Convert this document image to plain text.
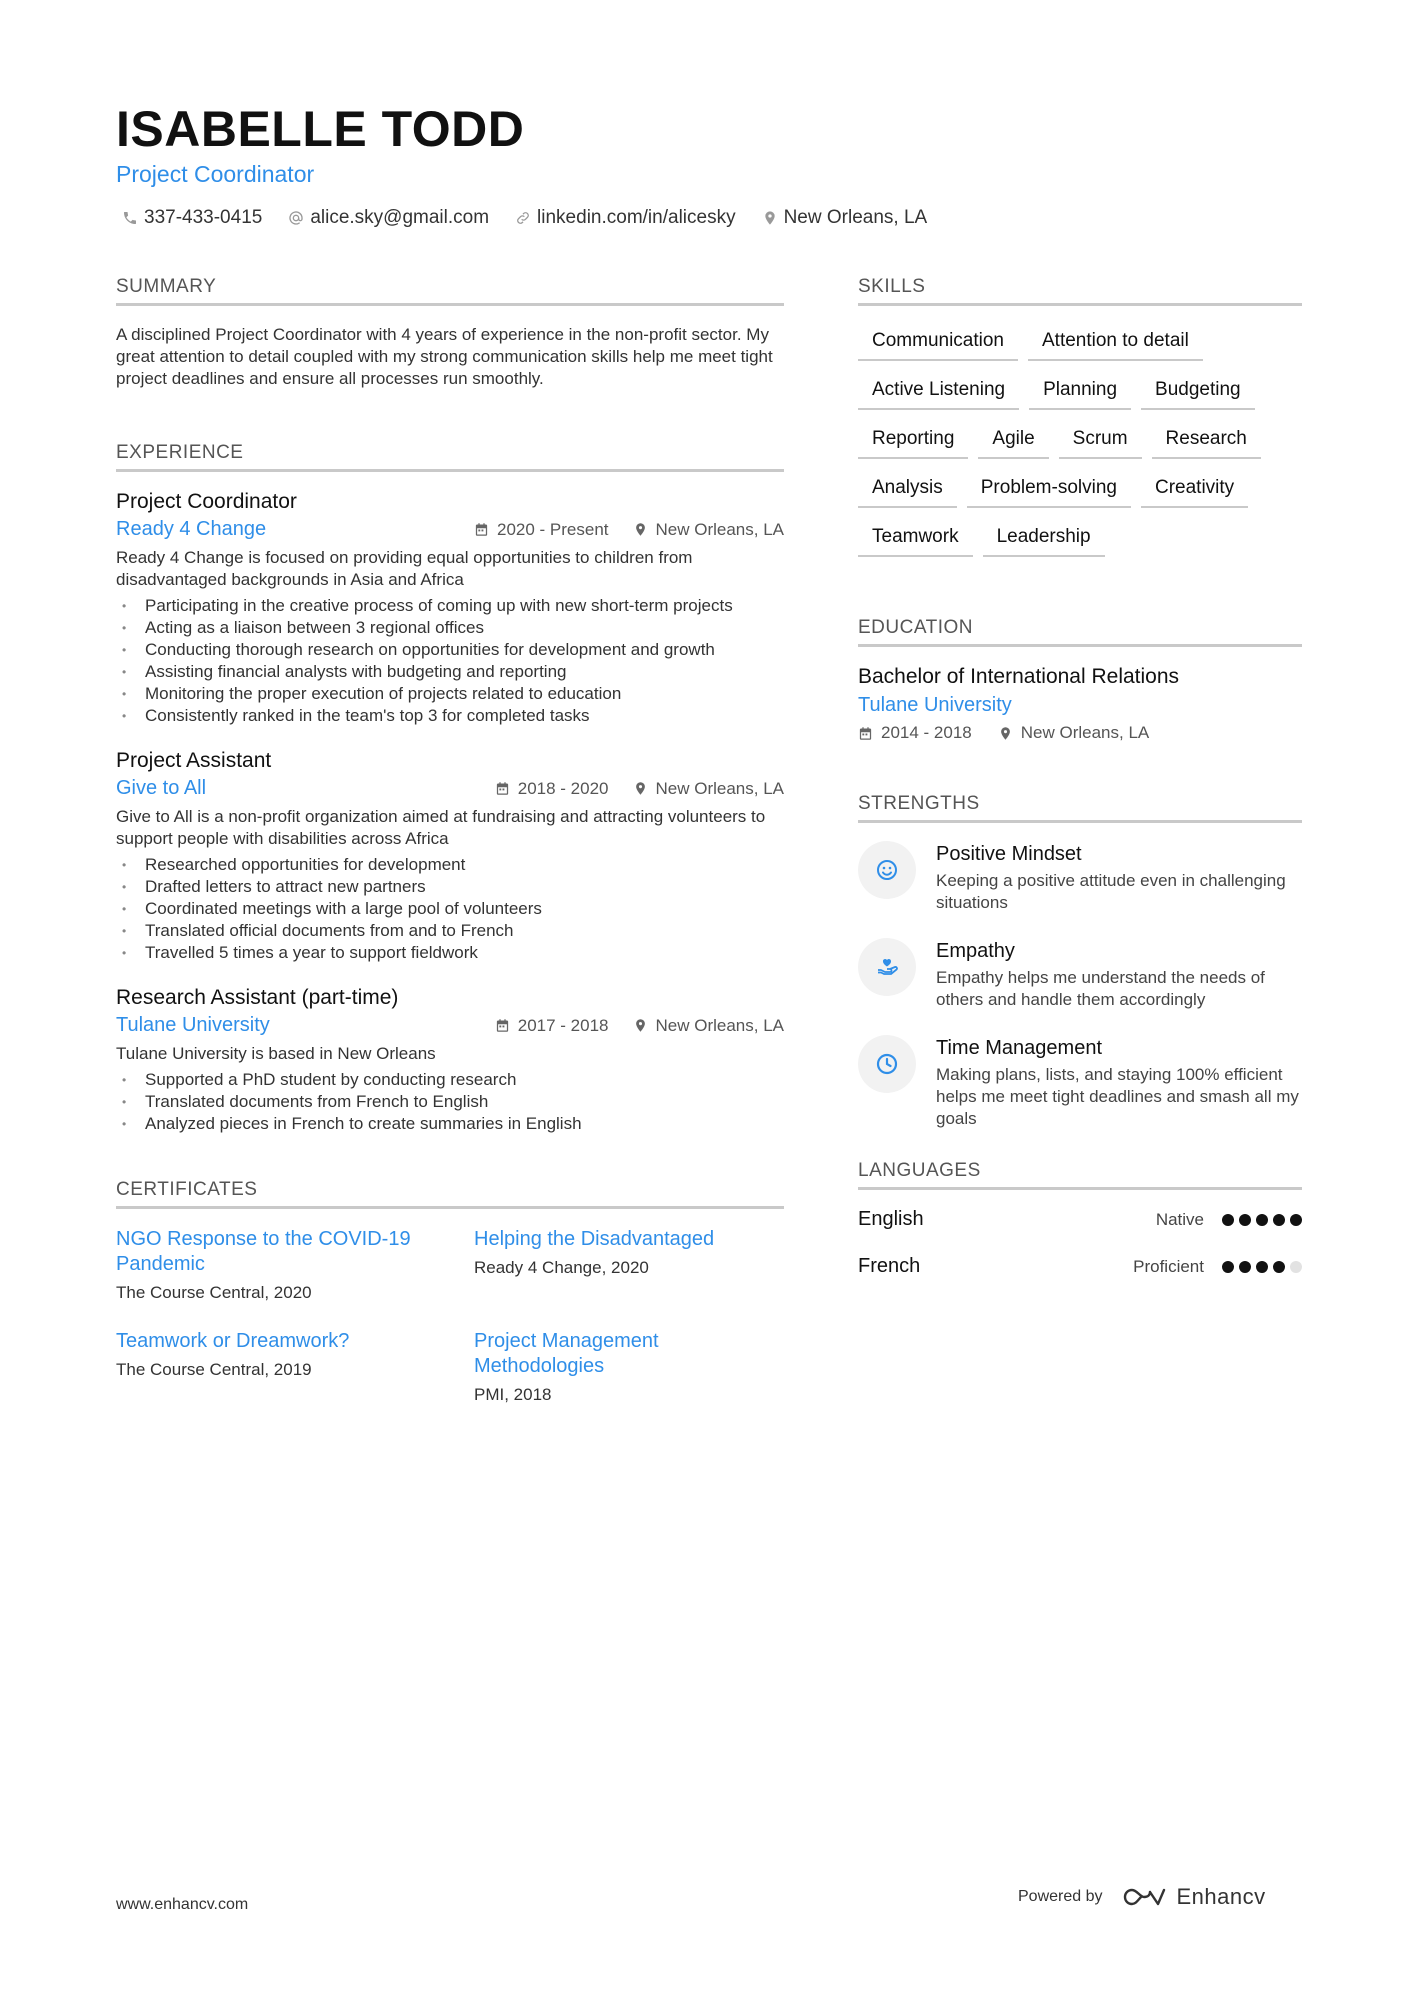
ISABELLE TODD
Project Coordinator
337-433-0415	alice.sky@gmail.com	linkedin.com/in/alicesky	New Orleans, LA
SUMMARY

A disciplined Project Coordinator with 4 years of experience in the non-profit sector. My great attention to detail coupled with my strong communication skills help me meet tight project deadlines and ensure all processes run smoothly.

EXPERIENCE
Project Coordinator
Ready 4 Change	2020 - Present	New Orleans, LA
Ready 4 Change is focused on providing equal opportunities to children from disadvantaged backgrounds in Asia and Africa
• Participating in the creative process of coming up with new short-term projects
• Acting as a liaison between 3 regional offices
• Conducting thorough research on opportunities for development and growth
• Assisting financial analysts with budgeting and reporting
• Monitoring the proper execution of projects related to education
• Consistently ranked in the team's top 3 for completed tasks
Project Assistant
Give to All	2018 - 2020	New Orleans, LA
Give to All is a non-profit organization aimed at fundraising and attracting volunteers to support people with disabilities across Africa
• Researched opportunities for development
• Drafted letters to attract new partners
• Coordinated meetings with a large pool of volunteers
• Translated official documents from and to French
• Travelled 5 times a year to support fieldwork
Research Assistant (part-time)
Tulane University	2017 - 2018	New Orleans, LA
Tulane University is based in New Orleans
• Supported a PhD student by conducting research
• Translated documents from French to English
• Analyzed pieces in French to create summaries in English
CERTIFICATES
NGO Response to the COVID-19 Pandemic
The Course Central, 2020
Helping the Disadvantaged
Ready 4 Change, 2020
Teamwork or Dreamwork?
The Course Central, 2019
Project Management Methodologies
PMI, 2018
SKILLS
Communication	Attention to detail
Active Listening	Planning	Budgeting
Reporting	Agile	Scrum	Research
Analysis	Problem-solving	Creativity
Teamwork	Leadership
EDUCATION
Bachelor of International Relations
Tulane University
2014 - 2018	New Orleans, LA
STRENGTHS
Positive Mindset
Keeping a positive attitude even in challenging situations
Empathy
Empathy helps me understand the needs of others and handle them accordingly
Time Management
Making plans, lists, and staying 100% efficient helps me meet tight deadlines and smash all my goals
LANGUAGES
English	Native
French	Proficient
www.enhancv.com	Powered by	Enhancv
